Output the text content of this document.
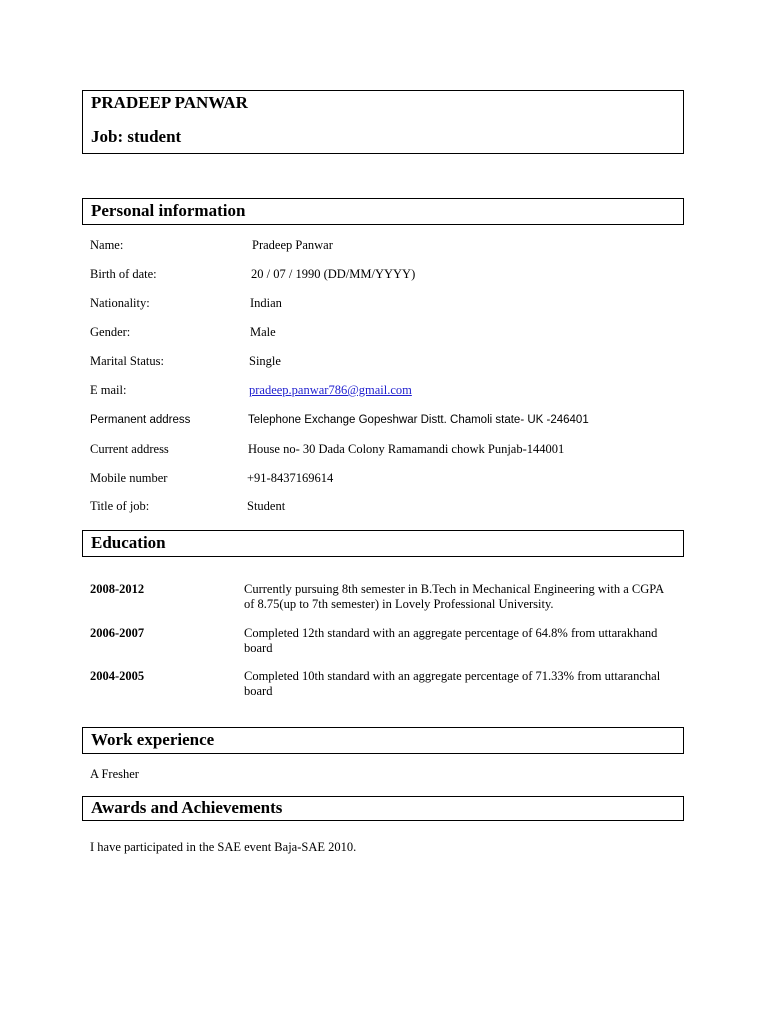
PRADEEP PANWAR

Job: student

Personal information
Name:	Pradeep Panwar
Birth of date:	20 / 07 / 1990 (DD/MM/YYYY)
Nationality:	Indian
Gender:	Male
Marital Status:	Single
E mail:	pradeep.panwar786@gmail.com
Permanent address	Telephone Exchange Gopeshwar Distt. Chamoli state- UK -246401
Current address	House no- 30 Dada Colony Ramamandi chowk Punjab-144001
Mobile number	+91-8437169614
Title of job:	Student
Education
2008-2012	Currently pursuing 8th semester in B.Tech in Mechanical Engineering with a CGPA of 8.75(up to 7th semester) in Lovely Professional University.
2006-2007	Completed 12th standard with an aggregate percentage of 64.8% from uttarakhand board
2004-2005	Completed 10th standard with an aggregate percentage of 71.33% from uttaranchal board
Work experience
A Fresher
Awards and Achievements
I have participated in the SAE event Baja-SAE 2010.
